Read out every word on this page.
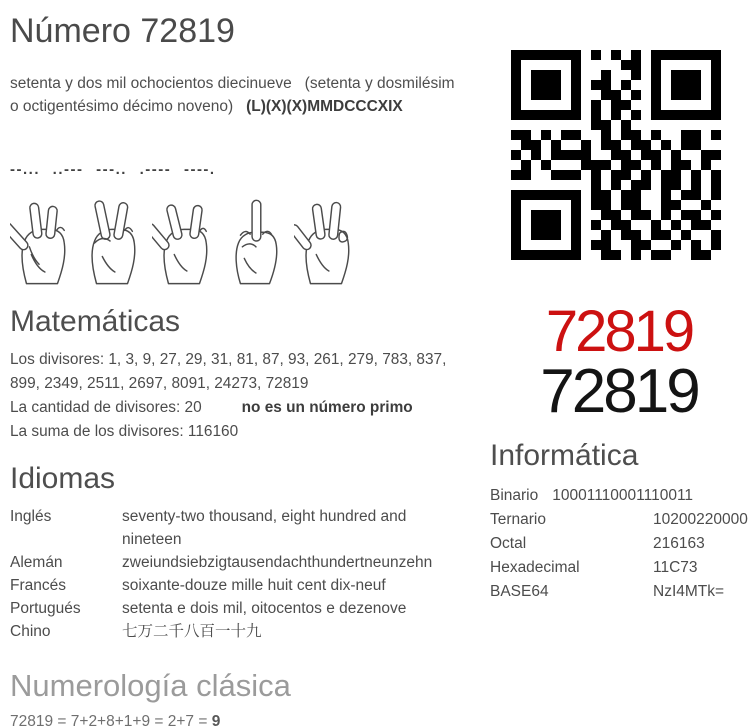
Número 72819

setenta y dos mil ochocientos diecinueve   (setenta y dosmilésim
o octigentésimo décimo noveno)   (L)(X)(X)MMDCCCXIX

--... ..--- ---.. .---- ----.
Matemáticas
Los divisores: 1, 3, 9, 27, 29, 31, 81, 87, 93, 261, 279, 783, 837, 899, 2349, 2511, 2697, 8091, 24273, 72819
La cantidad de divisores: 20	no es un número primo
La suma de los divisores: 116160
Idiomas
Inglés	seventy-two thousand, eight hundred and nineteen
Alemán	zweiundsiebzigtausendachthundertneunzehn
Francés	soixante-douze mille huit cent dix-neuf
Portugués	setenta e dois mil, oitocentos e dezenove
Chino	七万二千八百一十九
Numerología clásica
72819 = 7+2+8+1+9 = 2+7 = 9
72819
72819
Informática
Binario 10001110001110011
Ternario	10200220000
Octal	216163
Hexadecimal	11C73
BASE64	NzI4MTk=
